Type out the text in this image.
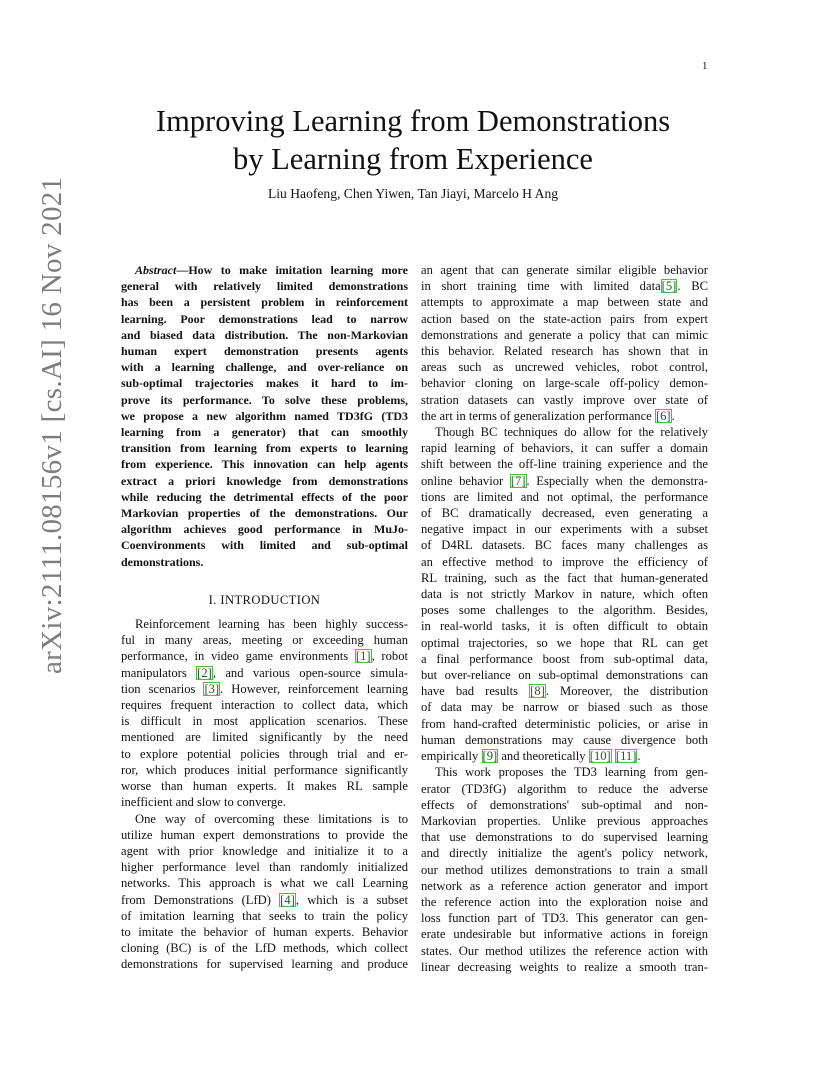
1
arXiv:2111.08156v1 [cs.AI] 16 Nov 2021
Improving Learning from Demonstrations
by Learning from Experience
Liu Haofeng, Chen Yiwen, Tan Jiayi, Marcelo H Ang
Abstract—How to make imitation learning more
general with relatively limited demonstrations
has been a persistent problem in reinforcement
learning. Poor demonstrations lead to narrow
and biased data distribution. The non-Markovian
human expert demonstration presents agents
with a learning challenge, and over-reliance on
sub-optimal trajectories makes it hard to im-
prove its performance. To solve these problems,
we propose a new algorithm named TD3fG (TD3
learning from a generator) that can smoothly
transition from learning from experts to learning
from experience. This innovation can help agents
extract a priori knowledge from demonstrations
while reducing the detrimental effects of the poor
Markovian properties of the demonstrations. Our
algorithm achieves good performance in MuJo-
Coenvironments with limited and sub-optimal
demonstrations.
I. INTRODUCTION
Reinforcement learning has been highly success-
ful in many areas, meeting or exceeding human
performance, in video game environments [1], robot
manipulators [2], and various open-source simula-
tion scenarios [3]. However, reinforcement learning
requires frequent interaction to collect data, which
is difficult in most application scenarios. These
mentioned are limited significantly by the need
to explore potential policies through trial and er-
ror, which produces initial performance significantly
worse than human experts. It makes RL sample
inefficient and slow to converge.
One way of overcoming these limitations is to
utilize human expert demonstrations to provide the
agent with prior knowledge and initialize it to a
higher performance level than randomly initialized
networks. This approach is what we call Learning
from Demonstrations (LfD) [4], which is a subset
of imitation learning that seeks to train the policy
to imitate the behavior of human experts. Behavior
cloning (BC) is of the LfD methods, which collect
demonstrations for supervised learning and produce
an agent that can generate similar eligible behavior
in short training time with limited data[5]. BC
attempts to approximate a map between state and
action based on the state-action pairs from expert
demonstrations and generate a policy that can mimic
this behavior. Related research has shown that in
areas such as uncrewed vehicles, robot control,
behavior cloning on large-scale off-policy demon-
stration datasets can vastly improve over state of
the art in terms of generalization performance [6].
Though BC techniques do allow for the relatively
rapid learning of behaviors, it can suffer a domain
shift between the off-line training experience and the
online behavior [7]. Especially when the demonstra-
tions are limited and not optimal, the performance
of BC dramatically decreased, even generating a
negative impact in our experiments with a subset
of D4RL datasets. BC faces many challenges as
an effective method to improve the efficiency of
RL training, such as the fact that human-generated
data is not strictly Markov in nature, which often
poses some challenges to the algorithm. Besides,
in real-world tasks, it is often difficult to obtain
optimal trajectories, so we hope that RL can get
a final performance boost from sub-optimal data,
but over-reliance on sub-optimal demonstrations can
have bad results [8]. Moreover, the distribution
of data may be narrow or biased such as those
from hand-crafted deterministic policies, or arise in
human demonstrations may cause divergence both
empirically [9] and theoretically [10] [11].
This work proposes the TD3 learning from gen-
erator (TD3fG) algorithm to reduce the adverse
effects of demonstrations' sub-optimal and non-
Markovian properties. Unlike previous approaches
that use demonstrations to do supervised learning
and directly initialize the agent's policy network,
our method utilizes demonstrations to train a small
network as a reference action generator and import
the reference action into the exploration noise and
loss function part of TD3. This generator can gen-
erate undesirable but informative actions in foreign
states. Our method utilizes the reference action with
linear decreasing weights to realize a smooth tran-
